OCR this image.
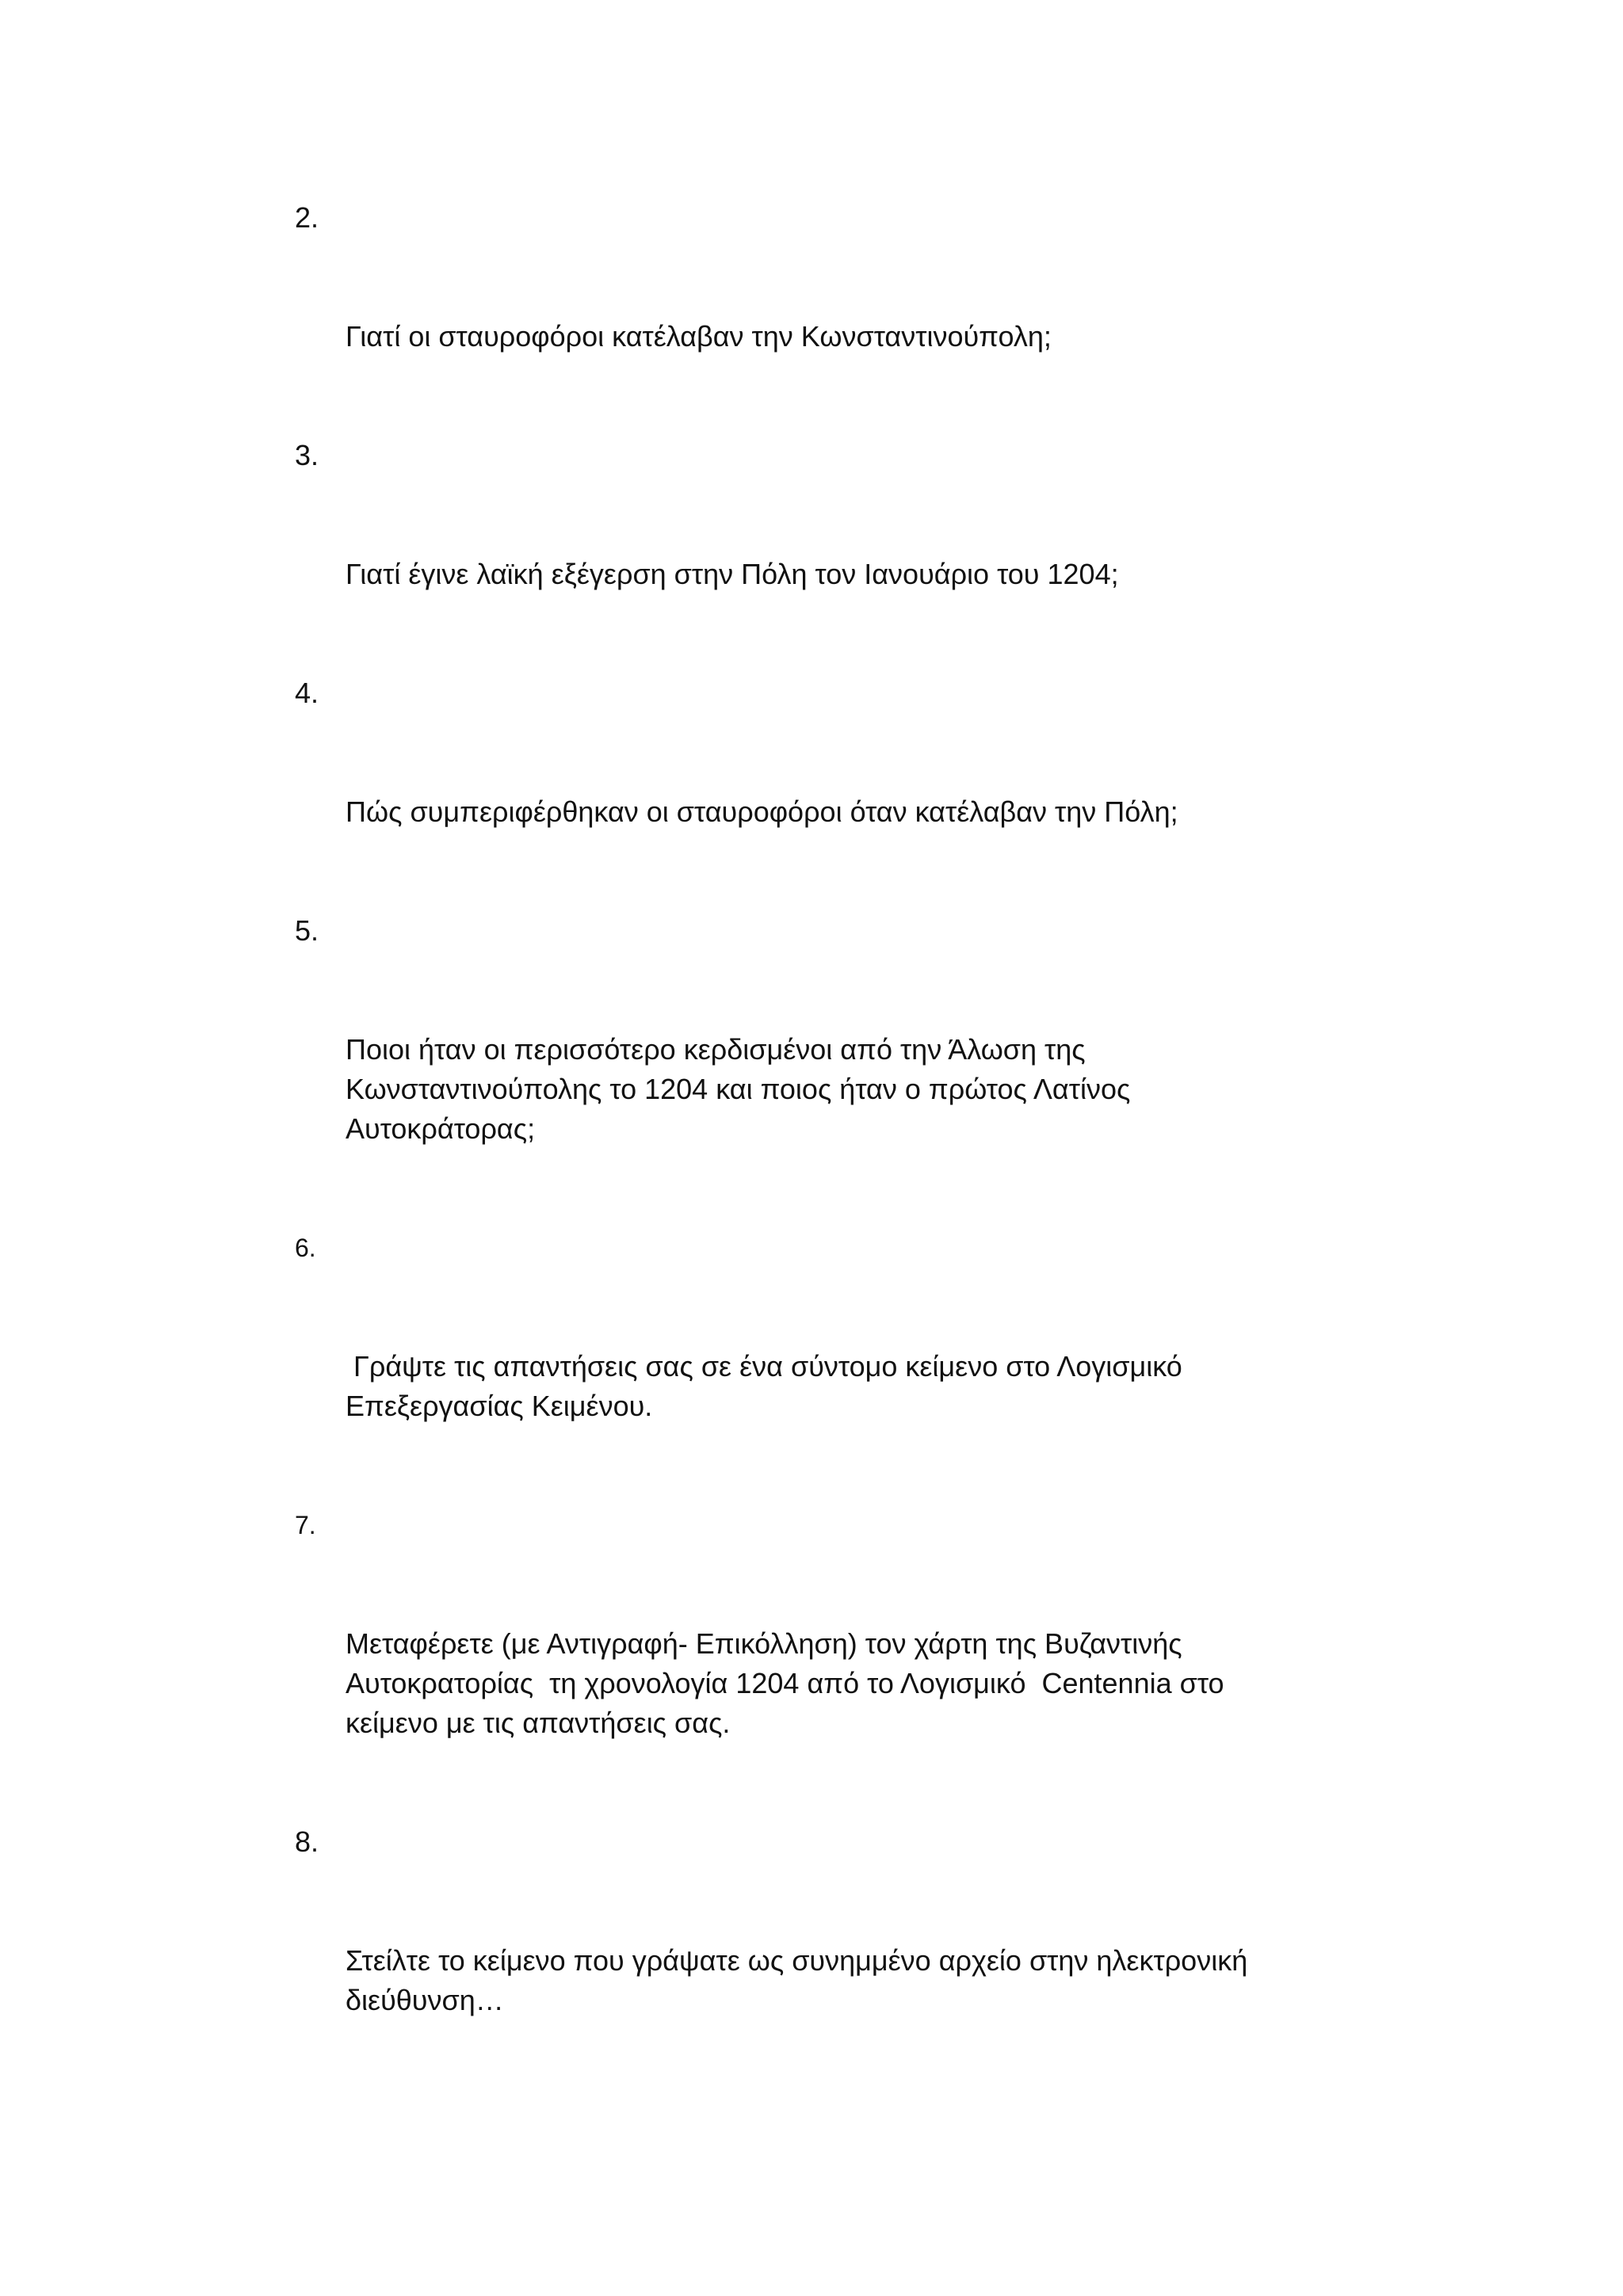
2.

Γιατί οι σταυροφόροι κατέλαβαν την Κωνσταντινούπολη;

3.

Γιατί έγινε λαϊκή εξέγερση στην Πόλη τον Ιανουάριο του 1204;

4.

Πώς συμπεριφέρθηκαν οι σταυροφόροι όταν κατέλαβαν την Πόλη;

5.

Ποιοι ήταν οι περισσότερο κερδισμένοι από την Άλωση της
Κωνσταντινούπολης το 1204 και ποιος ήταν ο πρώτος Λατίνος
Αυτοκράτορας;

6.

Γράψτε τις απαντήσεις σας σε ένα σύντομο κείμενο στο Λογισμικό
Επεξεργασίας Κειμένου.

7.

Μεταφέρετε (με Αντιγραφή- Επικόλληση) τον χάρτη της Βυζαντινής
Αυτοκρατορίας  τη χρονολογία 1204 από το Λογισμικό  Centennia στο
κείμενο με τις απαντήσεις σας.

8.

Στείλτε το κείμενο που γράψατε ως συνημμένο αρχείο στην ηλεκτρονική
διεύθυνση…
